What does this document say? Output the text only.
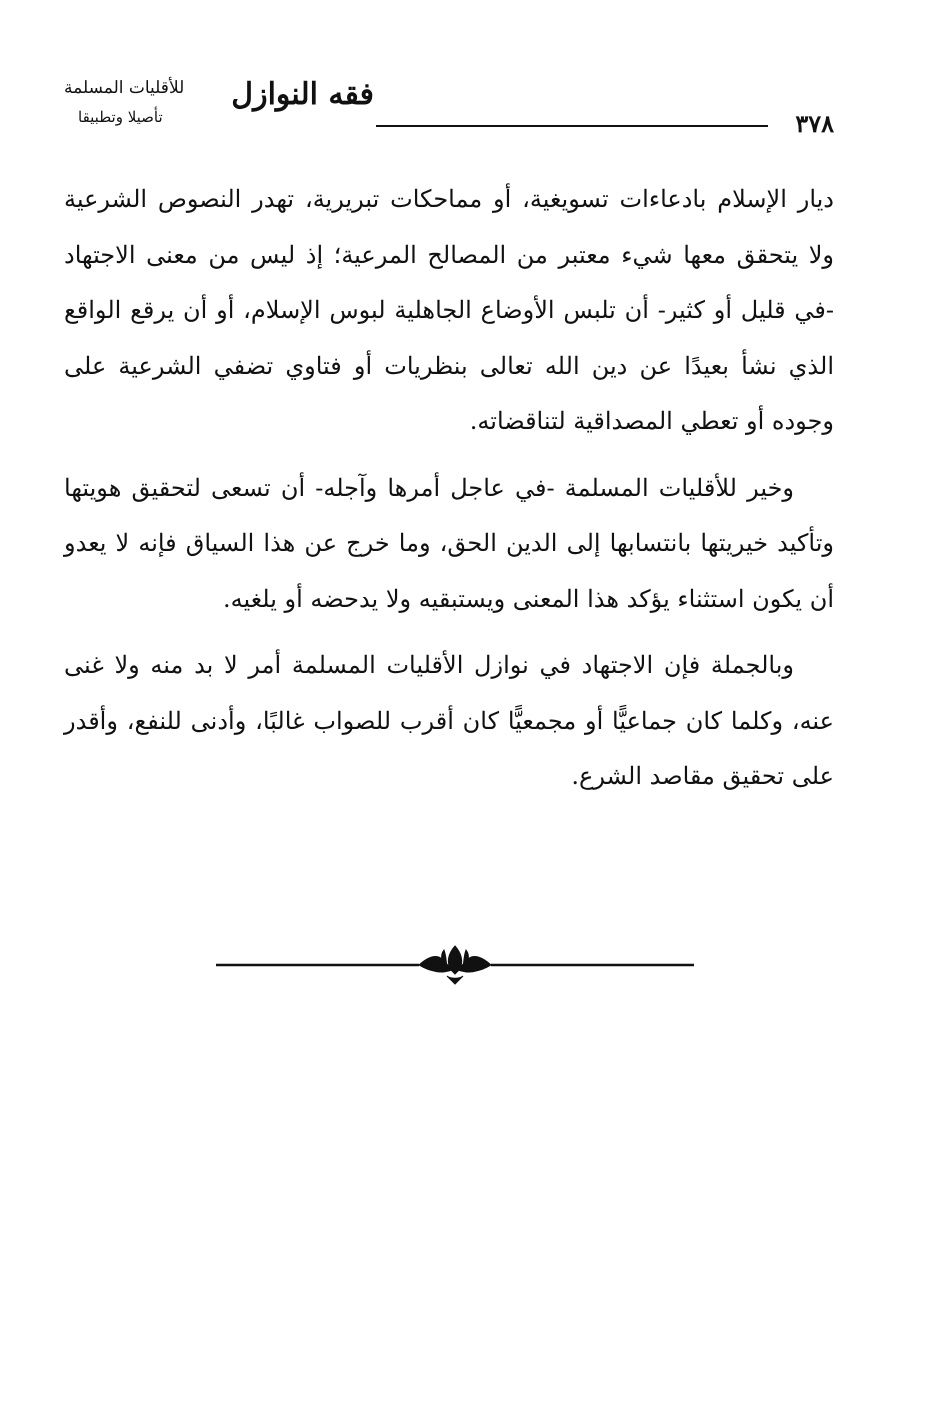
فقه النوازل
للأقليات المسلمة
تأصيلا وتطبيقا	٣٧٨

ديار الإسلام بادعاءات تسويغية، أو مماحكات تبريرية، تهدر النصوص الشرعية ولا يتحقق معها شيء معتبر من المصالح المرعية؛ إذ ليس من معنى الاجتهاد -في قليل أو كثير- أن تلبس الأوضاع الجاهلية لبوس الإسلام، أو أن يرقع الواقع الذي نشأ بعيدًا عن دين الله تعالى بنظريات أو فتاوي تضفي الشرعية على وجوده أو تعطي المصداقية لتناقضاته.

وخير للأقليات المسلمة -في عاجل أمرها وآجله- أن تسعى لتحقيق هويتها وتأكيد خيريتها بانتسابها إلى الدين الحق، وما خرج عن هذا السياق فإنه لا يعدو أن يكون استثناء يؤكد هذا المعنى ويستبقيه ولا يدحضه أو يلغيه.

وبالجملة فإن الاجتهاد في نوازل الأقليات المسلمة أمر لا بد منه ولا غنى عنه، وكلما كان جماعيًّا أو مجمعيًّا كان أقرب للصواب غالبًا، وأدنى للنفع، وأقدر على تحقيق مقاصد الشرع.
